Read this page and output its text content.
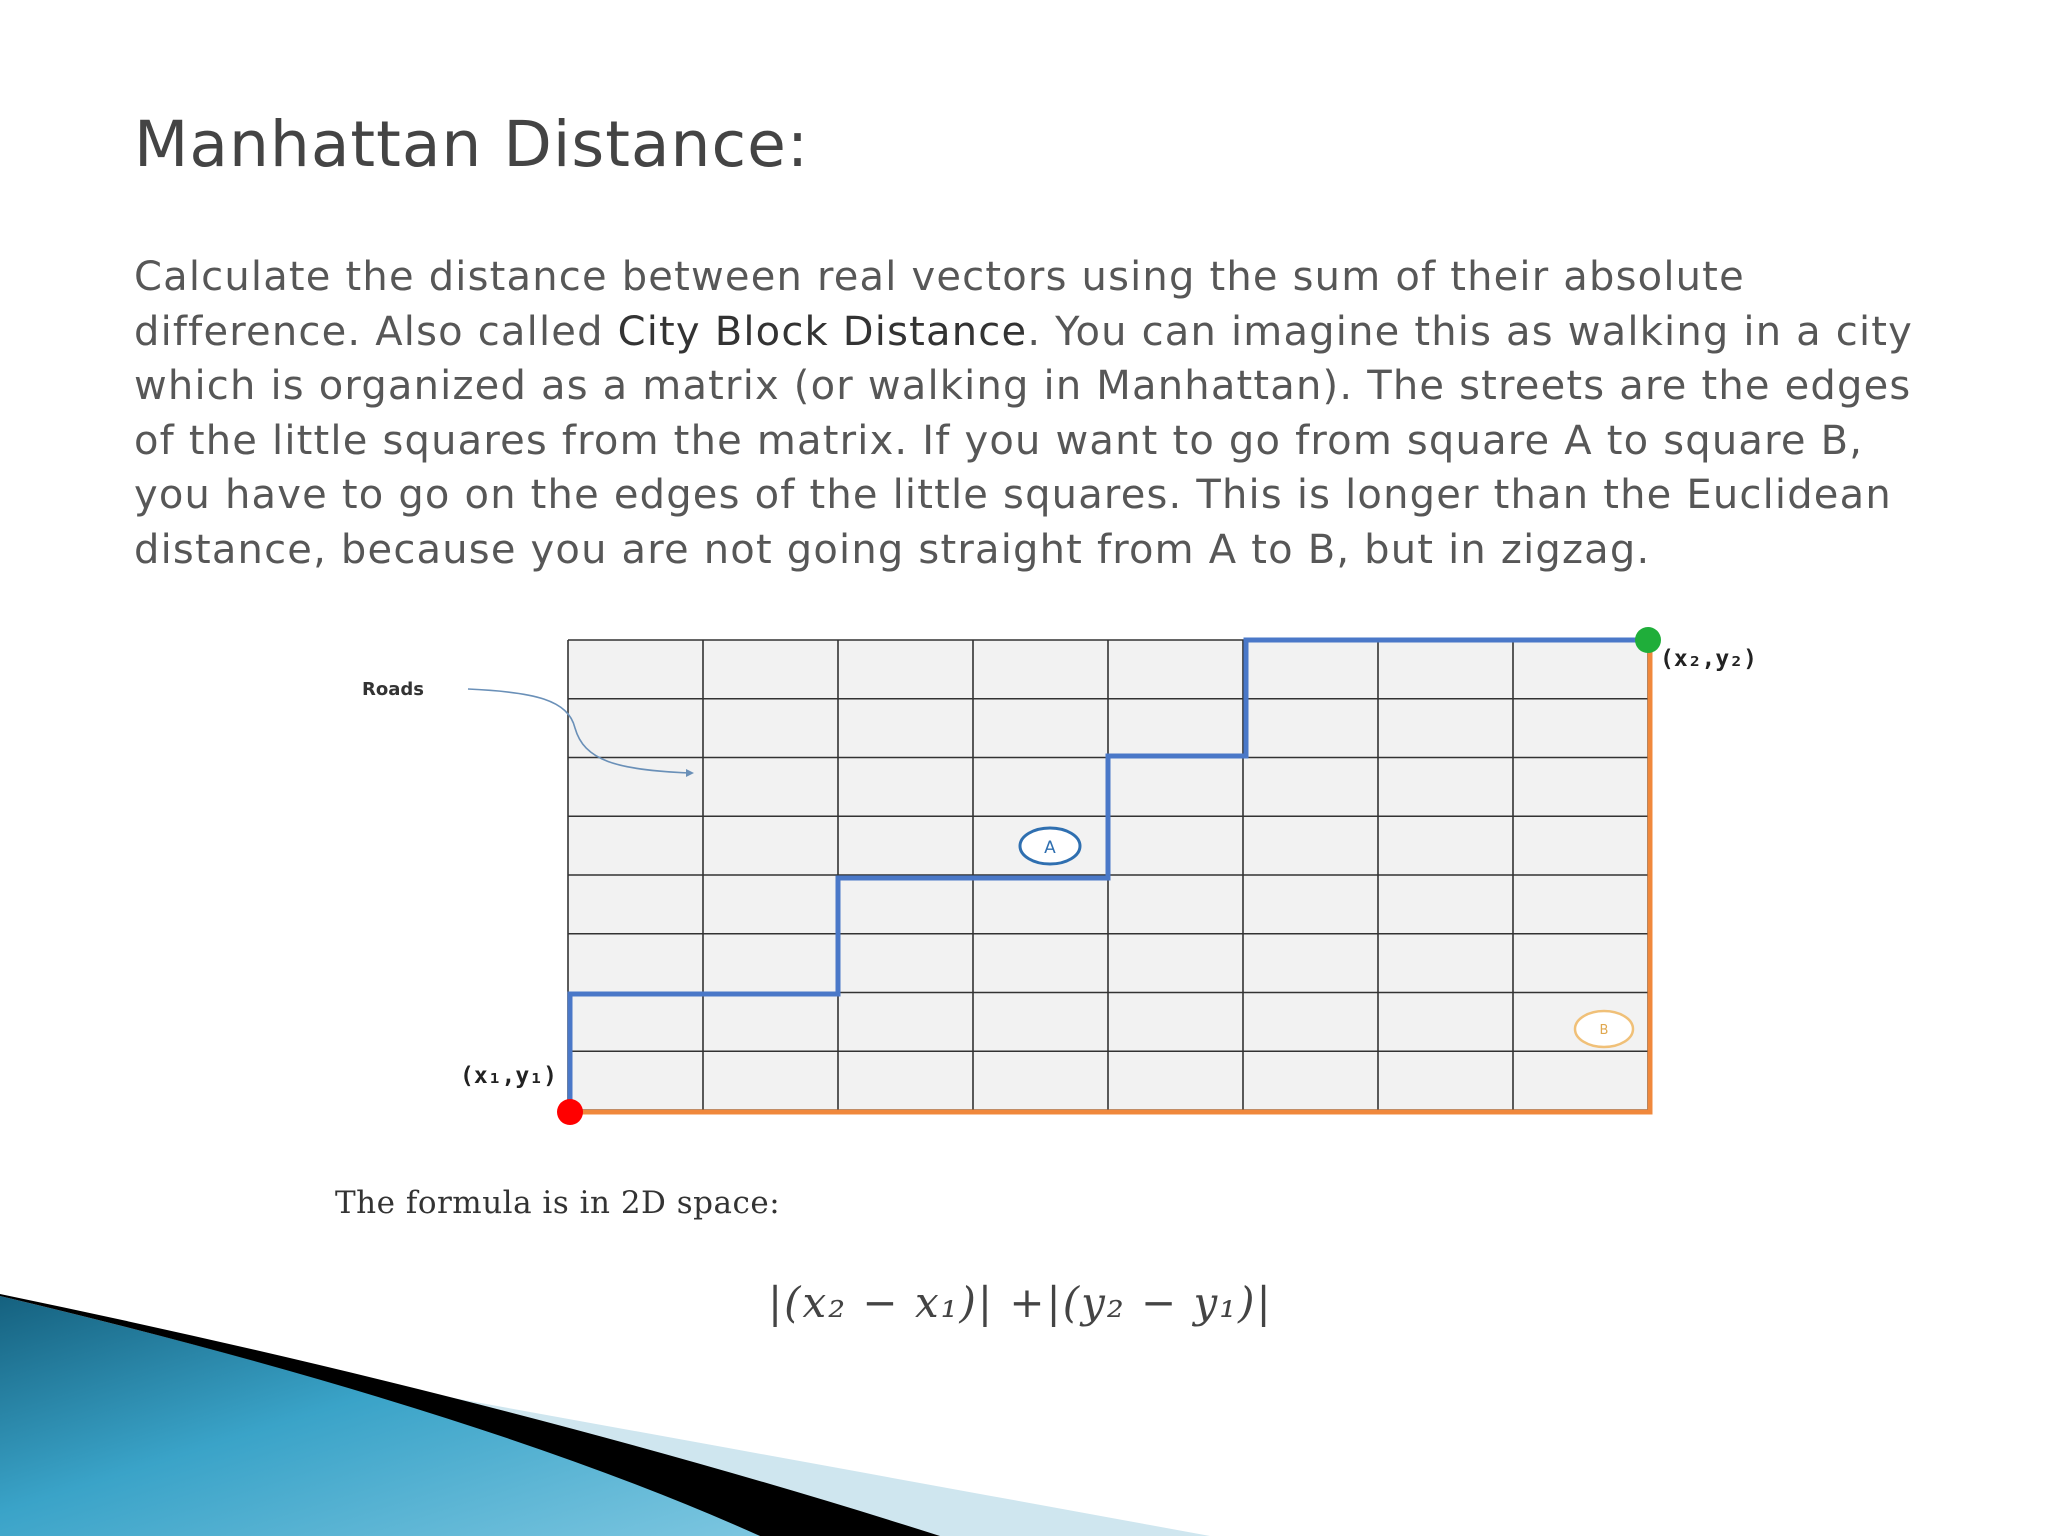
Manhattan Distance:

Calculate the distance between real vectors using the sum of their absolute difference. Also called City Block Distance. You can imagine this as walking in a city which is organized as a matrix (or walking in Manhattan). The streets are the edges of the little squares from the matrix. If you want to go from square A to square B, you have to go on the edges of the little squares. This is longer than the Euclidean distance, because you are not going straight from A to B, but in zigzag.

A
B
Roads
(x₁,y₁)
(x₂,y₂)
The formula is in 2D space:
|(x₂ − x₁)| +|(y₂ − y₁)|
